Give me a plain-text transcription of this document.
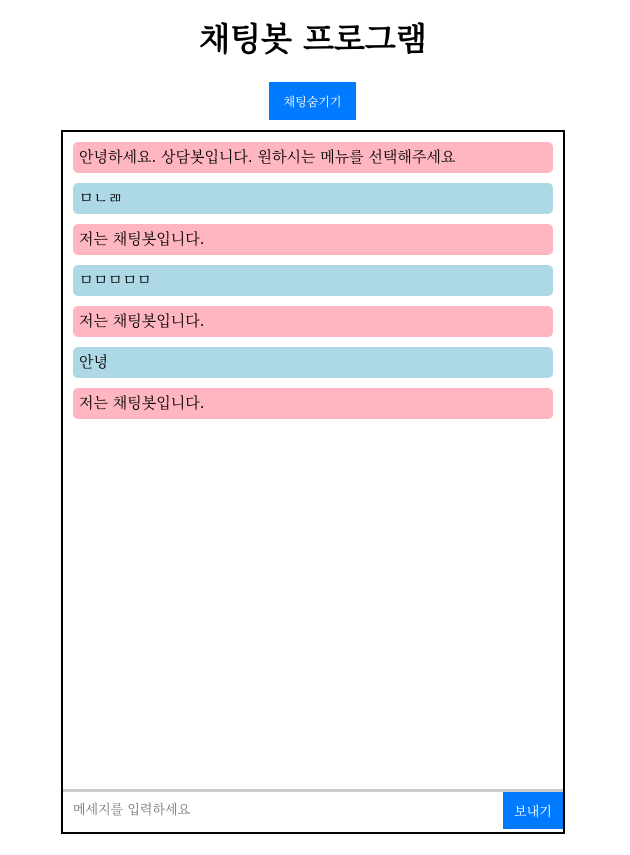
채팅봇 프로그램
채팅숨기기
안녕하세요. 상담봇입니다. 원하시는 메뉴를 선택해주세요
ㅁㄴㄻ
저는 채팅봇입니다.
ㅁㅁㅁㅁㅁ
저는 채팅봇입니다.
안녕
저는 채팅봇입니다.
메세지를 입력하세요
보내기
